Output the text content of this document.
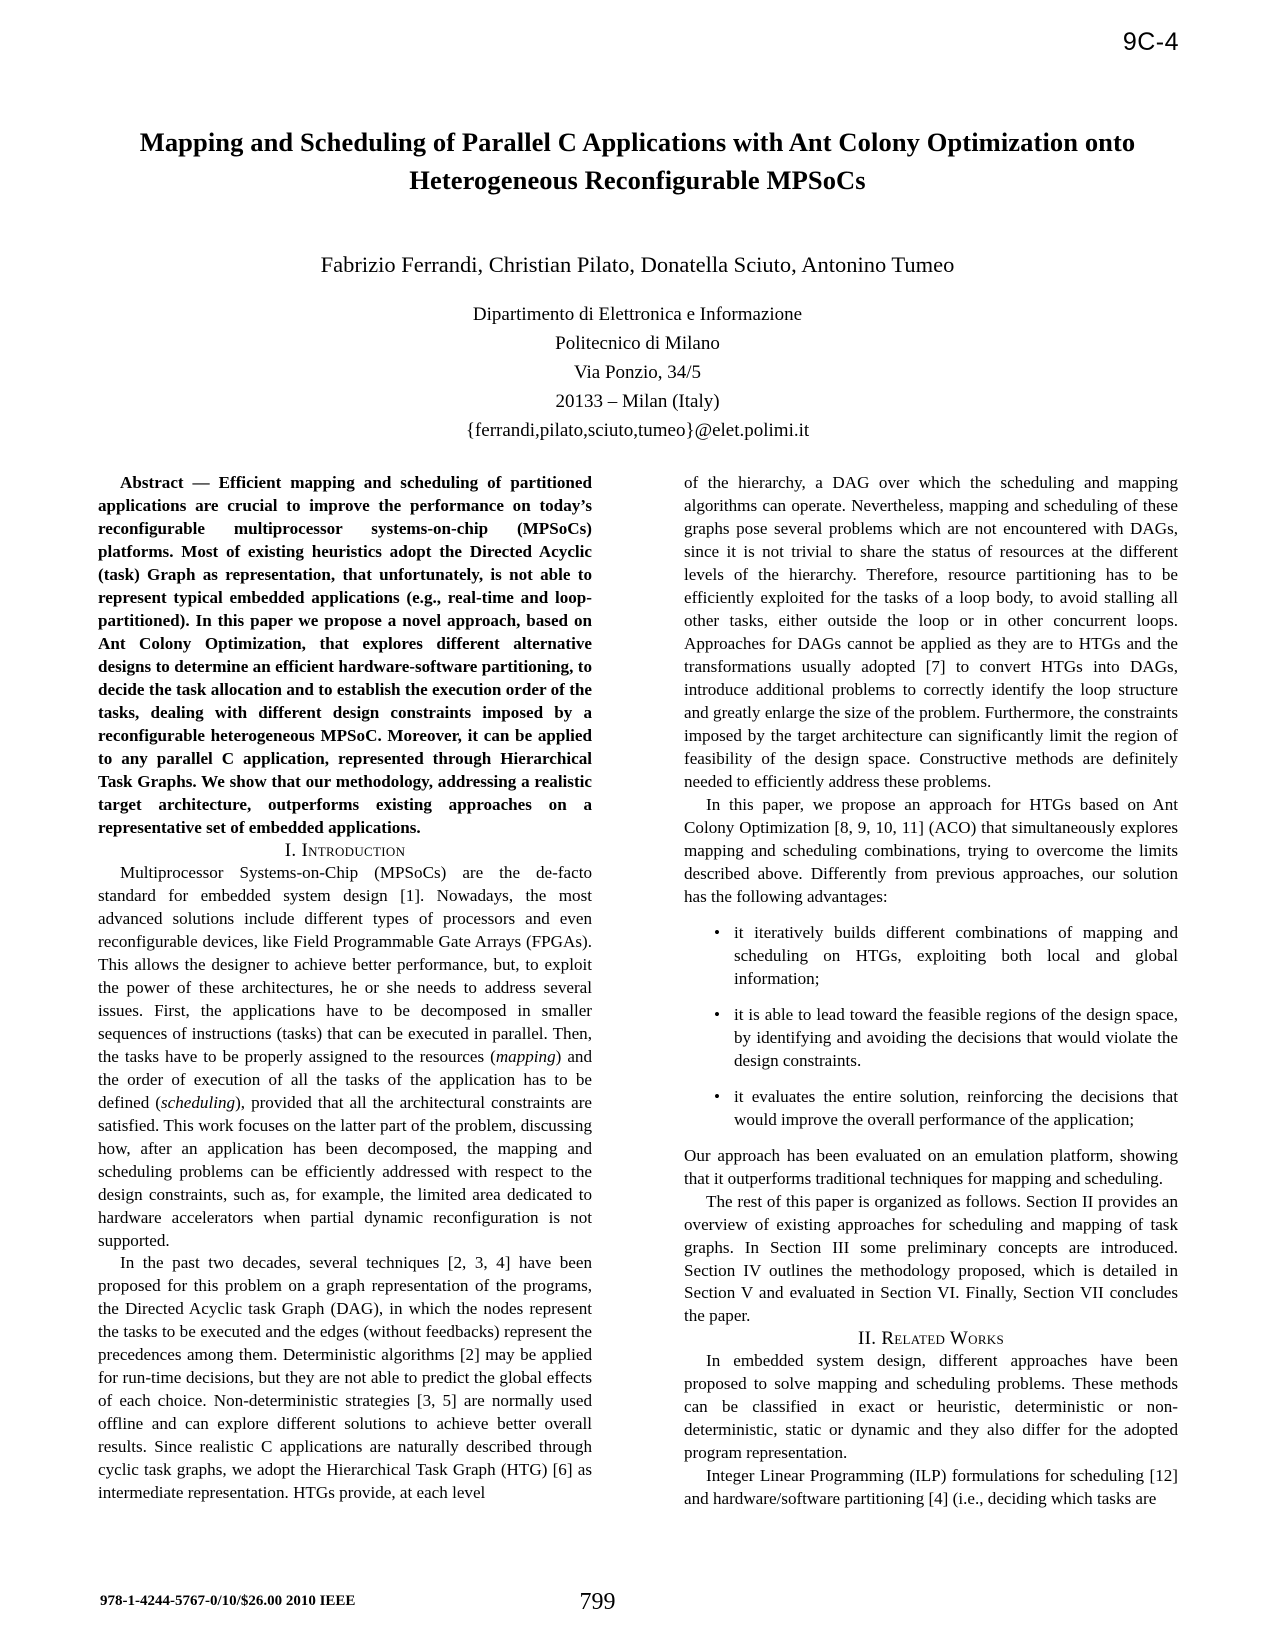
9C-4
Mapping and Scheduling of Parallel C Applications with Ant Colony Optimization onto Heterogeneous Reconfigurable MPSoCs
Fabrizio Ferrandi, Christian Pilato, Donatella Sciuto, Antonino Tumeo
Dipartimento di Elettronica e Informazione
Politecnico di Milano
Via Ponzio, 34/5
20133 – Milan (Italy)
{ferrandi,pilato,sciuto,tumeo}@elet.polimi.it

Abstract — Efficient mapping and scheduling of partitioned applications are crucial to improve the performance on today’s reconfigurable multiprocessor systems-on-chip (MPSoCs) platforms. Most of existing heuristics adopt the Directed Acyclic (task) Graph as representation, that unfortunately, is not able to represent typical embedded applications (e.g., real-time and loop-partitioned). In this paper we propose a novel approach, based on Ant Colony Optimization, that explores different alternative designs to determine an efficient hardware-software partitioning, to decide the task allocation and to establish the execution order of the tasks, dealing with different design constraints imposed by a reconfigurable heterogeneous MPSoC. Moreover, it can be applied to any parallel C application, represented through Hierarchical Task Graphs. We show that our methodology, addressing a realistic target architecture, outperforms existing approaches on a representative set of embedded applications.

I. Introduction

Multiprocessor Systems-on-Chip (MPSoCs) are the de-facto standard for embedded system design [1]. Nowadays, the most advanced solutions include different types of processors and even reconfigurable devices, like Field Programmable Gate Arrays (FPGAs). This allows the designer to achieve better performance, but, to exploit the power of these architectures, he or she needs to address several issues. First, the applications have to be decomposed in smaller sequences of instructions (tasks) that can be executed in parallel. Then, the tasks have to be properly assigned to the resources (mapping) and the order of execution of all the tasks of the application has to be defined (scheduling), provided that all the architectural constraints are satisfied. This work focuses on the latter part of the problem, discussing how, after an application has been decomposed, the mapping and scheduling problems can be efficiently addressed with respect to the design constraints, such as, for example, the limited area dedicated to hardware accelerators when partial dynamic reconfiguration is not supported.

In the past two decades, several techniques [2, 3, 4] have been proposed for this problem on a graph representation of the programs, the Directed Acyclic task Graph (DAG), in which the nodes represent the tasks to be executed and the edges (without feedbacks) represent the precedences among them. Deterministic algorithms [2] may be applied for run-time decisions, but they are not able to predict the global effects of each choice. Non-deterministic strategies [3, 5] are normally used offline and can explore different solutions to achieve better overall results. Since realistic C applications are naturally described through cyclic task graphs, we adopt the Hierarchical Task Graph (HTG) [6] as intermediate representation. HTGs provide, at each level

of the hierarchy, a DAG over which the scheduling and mapping algorithms can operate. Nevertheless, mapping and scheduling of these graphs pose several problems which are not encountered with DAGs, since it is not trivial to share the status of resources at the different levels of the hierarchy. Therefore, resource partitioning has to be efficiently exploited for the tasks of a loop body, to avoid stalling all other tasks, either outside the loop or in other concurrent loops. Approaches for DAGs cannot be applied as they are to HTGs and the transformations usually adopted [7] to convert HTGs into DAGs, introduce additional problems to correctly identify the loop structure and greatly enlarge the size of the problem. Furthermore, the constraints imposed by the target architecture can significantly limit the region of feasibility of the design space. Constructive methods are definitely needed to efficiently address these problems.

In this paper, we propose an approach for HTGs based on Ant Colony Optimization [8, 9, 10, 11] (ACO) that simultaneously explores mapping and scheduling combinations, trying to overcome the limits described above. Differently from previous approaches, our solution has the following advantages:

• it iteratively builds different combinations of mapping and scheduling on HTGs, exploiting both local and global information;
• it is able to lead toward the feasible regions of the design space, by identifying and avoiding the decisions that would violate the design constraints.
• it evaluates the entire solution, reinforcing the decisions that would improve the overall performance of the application;

Our approach has been evaluated on an emulation platform, showing that it outperforms traditional techniques for mapping and scheduling.

The rest of this paper is organized as follows. Section II provides an overview of existing approaches for scheduling and mapping of task graphs. In Section III some preliminary concepts are introduced. Section IV outlines the methodology proposed, which is detailed in Section V and evaluated in Section VI. Finally, Section VII concludes the paper.

II. Related Works

In embedded system design, different approaches have been proposed to solve mapping and scheduling problems. These methods can be classified in exact or heuristic, deterministic or non-deterministic, static or dynamic and they also differ for the adopted program representation.

Integer Linear Programming (ILP) formulations for scheduling [12] and hardware/software partitioning [4] (i.e., deciding which tasks are

978-1-4244-5767-0/10/$26.00 2010 IEEE	799
